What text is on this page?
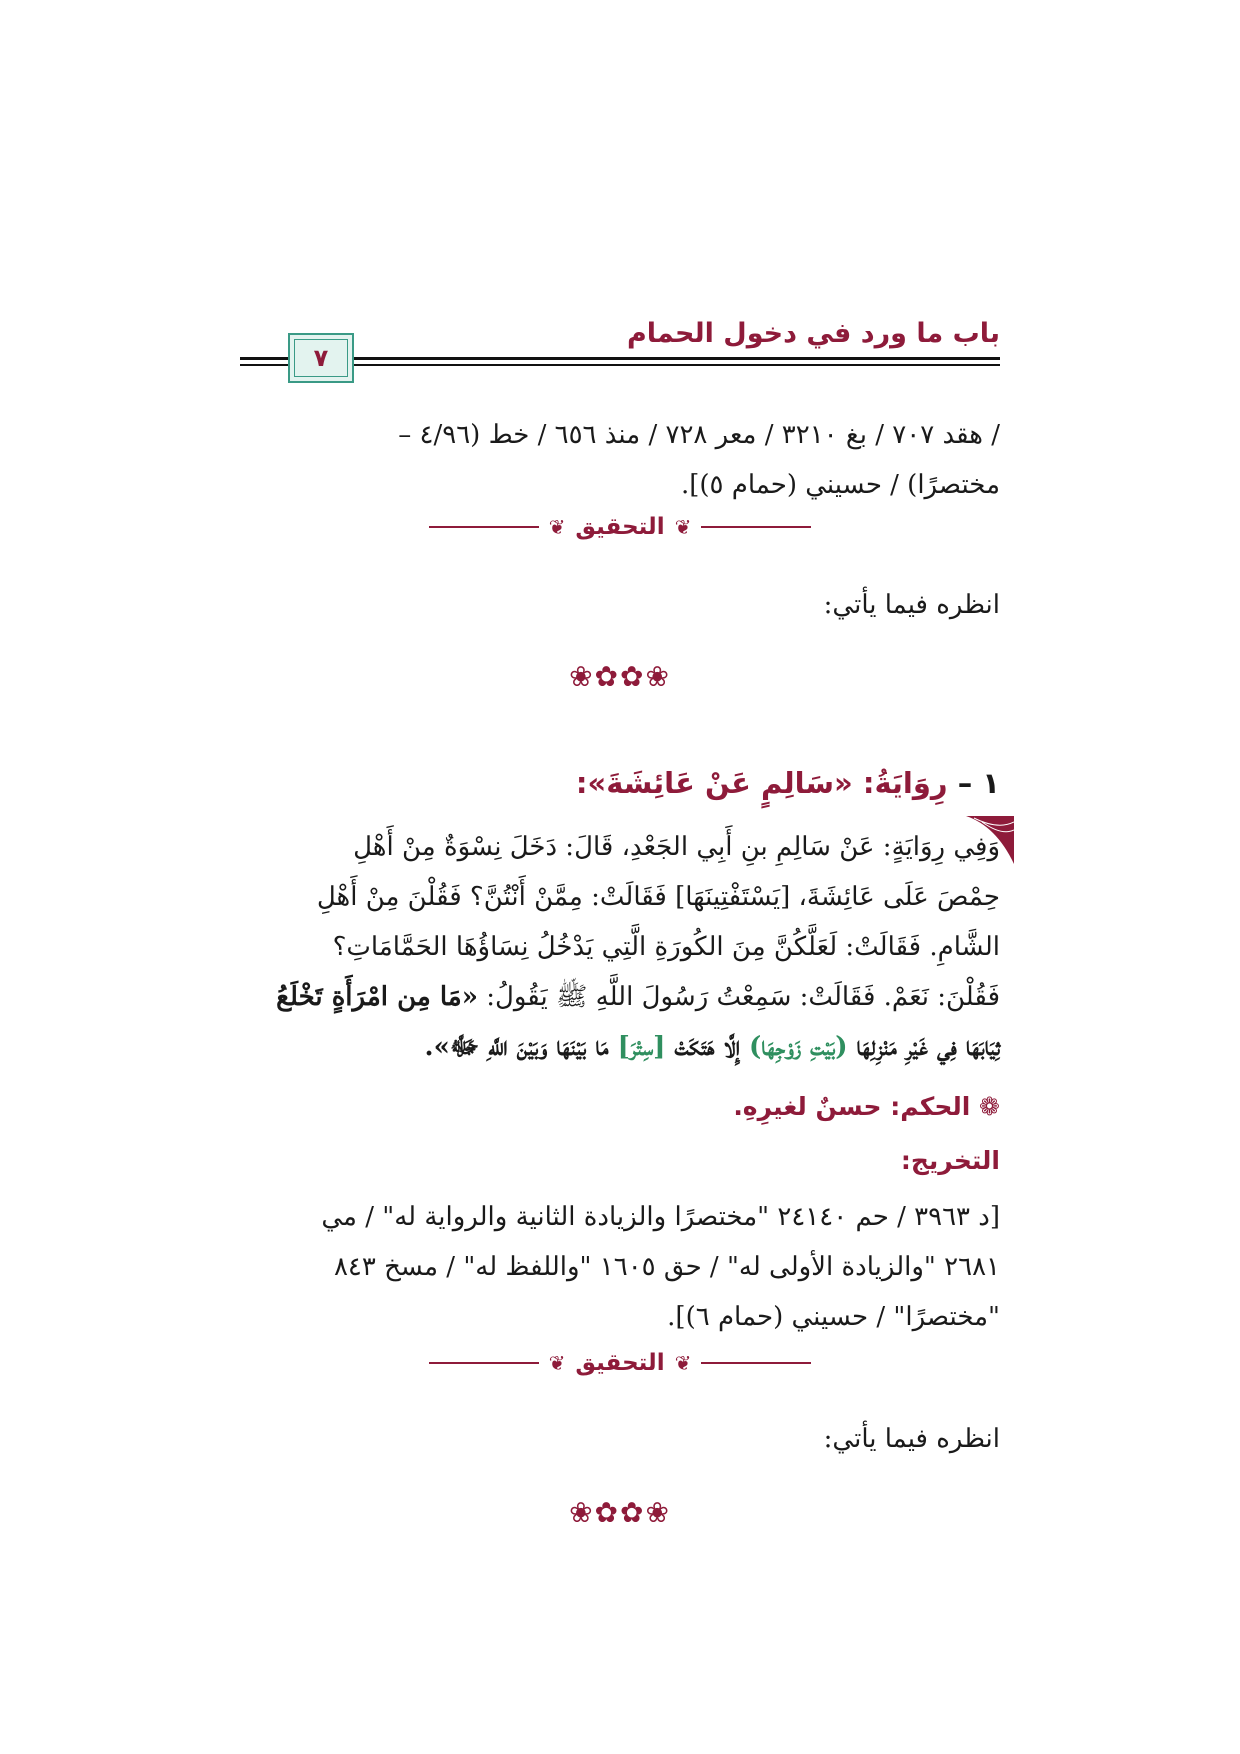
باب ما ورد في دخول الحمام
٧
/ هقد ٧٠٧ / بغ ٣٢١٠ / معر ٧٢٨ / منذ ٦٥٦ / خط (٤/٩٦ –
مختصرًا) / حسيني (حمام ٥)].
❦
التحقيق
❦
انظره فيما يأتي:
❀✿✿❀
١ – رِوَايَةُ: «سَالِمٍ عَنْ عَائِشَةَ»:
وَفِي رِوَايَةٍ: عَنْ سَالِمِ بنِ أَبِي الجَعْدِ، قَالَ: دَخَلَ نِسْوَةٌ مِنْ أَهْلِ
حِمْصَ عَلَى عَائِشَةَ، [يَسْتَفْتِينَهَا] فَقَالَتْ: مِمَّنْ أَنْتُنَّ؟ فَقُلْنَ مِنْ أَهْلِ
الشَّامِ. فَقَالَتْ: لَعَلَّكُنَّ مِنَ الكُورَةِ الَّتِي يَدْخُلُ نِسَاؤُهَا الحَمَّامَاتِ؟
فَقُلْنَ: نَعَمْ. فَقَالَتْ: سَمِعْتُ رَسُولَ اللَّهِ ﷺ يَقُولُ: «مَا مِن امْرَأَةٍ تَخْلَعُ
ثِيَابَهَا فِي غَيْرِ مَنْزِلِهَا (بَيْتِ زَوْجِهَا) إِلَّا هَتَكَتْ [سِتْرَ] مَا بَيْنَهَا وَبَيْنَ اللَّهِ ﷻ».
❁ الحكم: حسنٌ لغيرِهِ.
التخريج:
[د ٣٩٦٣ / حم ٢٤١٤٠ "مختصرًا والزيادة الثانية والرواية له" / مي
٢٦٨١ "والزيادة الأولى له" / حق ١٦٠٥ "واللفظ له" / مسخ ٨٤٣
"مختصرًا" / حسيني (حمام ٦)].
❦
التحقيق
❦
انظره فيما يأتي:
❀✿✿❀
